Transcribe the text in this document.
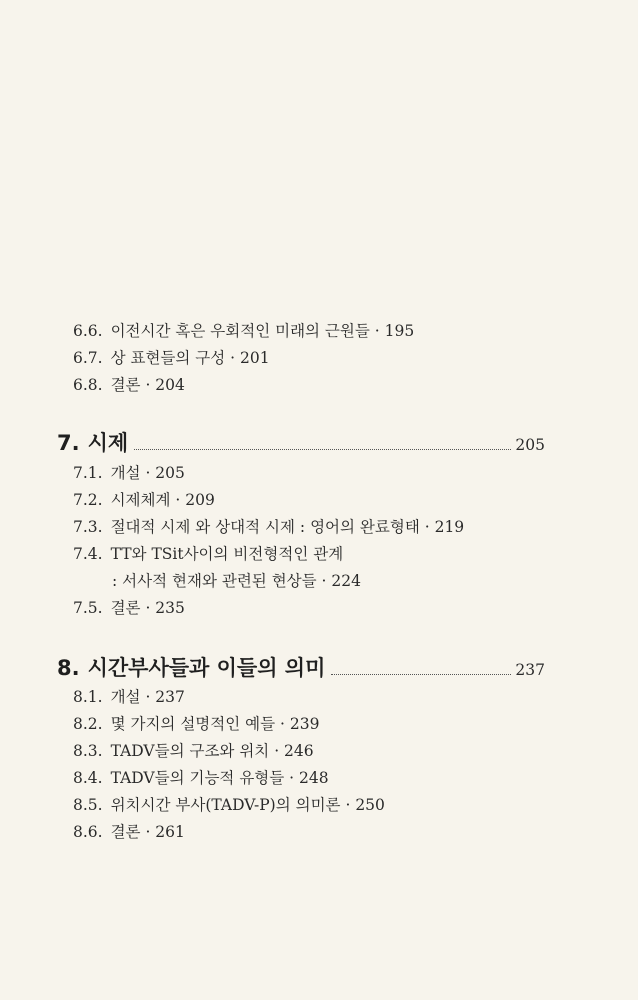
6.6. 이전시간 혹은 우회적인 미래의 근원들 · 195
6.7. 상 표현들의 구성 · 201
6.8. 결론 · 204
7. 시제	205
7.1. 개설 · 205
7.2. 시제체계 · 209
7.3. 절대적 시제 와 상대적 시제 : 영어의 완료형태 · 219
7.4. TT와 TSit사이의 비전형적인 관계
: 서사적 현재와 관련된 현상들 · 224
7.5. 결론 · 235
8. 시간부사들과 이들의 의미	237
8.1. 개설 · 237
8.2. 몇 가지의 설명적인 예들 · 239
8.3. TADV들의 구조와 위치 · 246
8.4. TADV들의 기능적 유형들 · 248
8.5. 위치시간 부사(TADV-P)의 의미론 · 250
8.6. 결론 · 261
